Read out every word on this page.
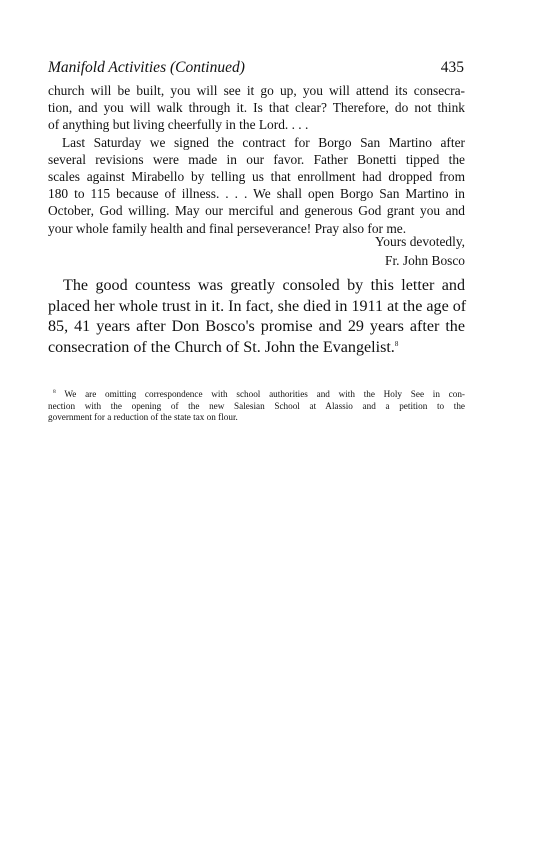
Manifold Activities (Continued)	435
church will be built, you will see it go up, you will attend its consecra-
tion, and you will walk through it. Is that clear? Therefore, do not think
of anything but living cheerfully in the Lord. . . .
Last Saturday we signed the contract for Borgo San Martino after
several revisions were made in our favor. Father Bonetti tipped the
scales against Mirabello by telling us that enrollment had dropped from
180 to 115 because of illness. . . . We shall open Borgo San Martino in
October, God willing. May our merciful and generous God grant you and
your whole family health and final perseverance! Pray also for me.
Yours devotedly,
Fr. John Bosco
The good countess was greatly consoled by this letter and
placed her whole trust in it. In fact, she died in 1911 at the age of
85, 41 years after Don Bosco's promise and 29 years after the
consecration of the Church of St. John the Evangelist.$^8$
$^8$ We are omitting correspondence with school authorities and with the Holy See in con-
nection with the opening of the new Salesian School at Alassio and a petition to the
government for a reduction of the state tax on flour.
